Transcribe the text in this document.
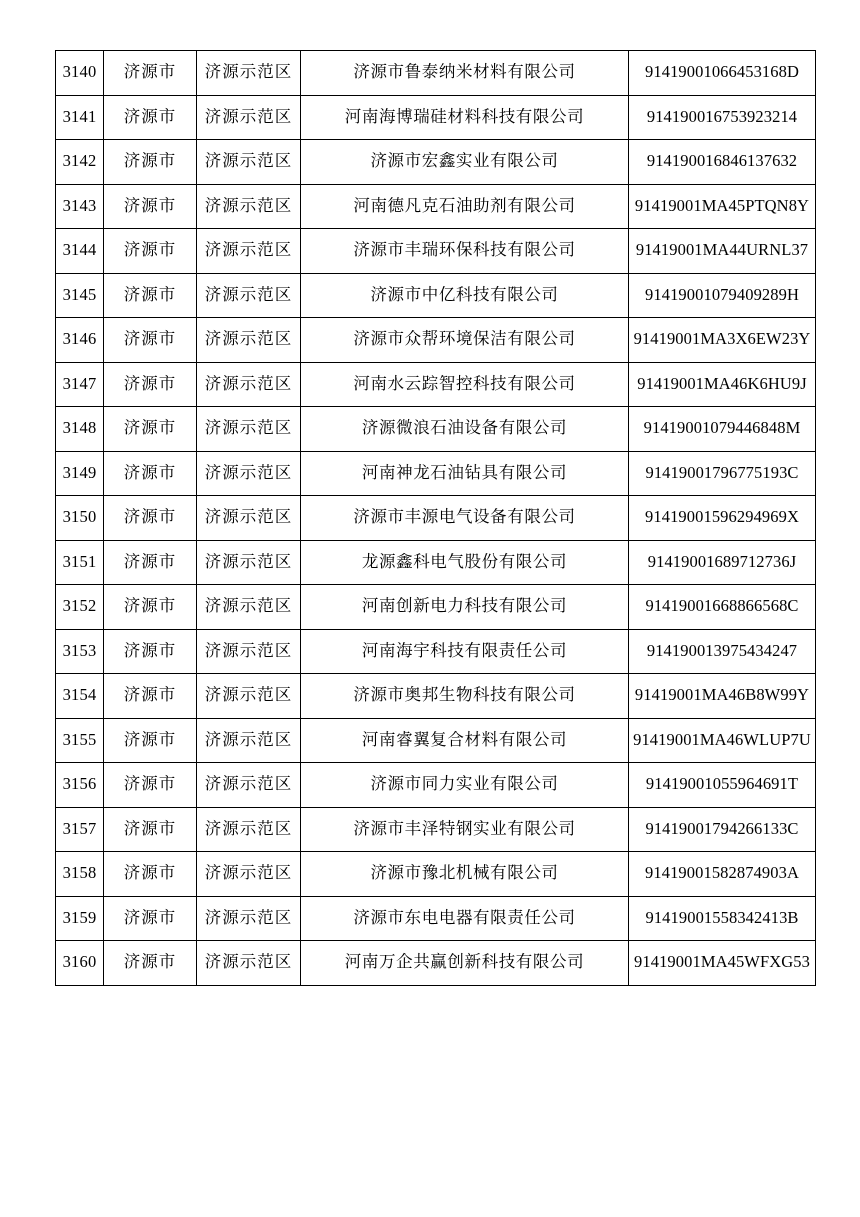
3140	济源市	济源示范区	济源市鲁泰纳米材料有限公司	91419001066453168D
3141	济源市	济源示范区	河南海博瑞硅材料科技有限公司	914190016753923214
3142	济源市	济源示范区	济源市宏鑫实业有限公司	914190016846137632
3143	济源市	济源示范区	河南德凡克石油助剂有限公司	91419001MA45PTQN8Y
3144	济源市	济源示范区	济源市丰瑞环保科技有限公司	91419001MA44URNL37
3145	济源市	济源示范区	济源市中亿科技有限公司	91419001079409289H
3146	济源市	济源示范区	济源市众帮环境保洁有限公司	91419001MA3X6EW23Y
3147	济源市	济源示范区	河南水云踪智控科技有限公司	91419001MA46K6HU9J
3148	济源市	济源示范区	济源微浪石油设备有限公司	91419001079446848M
3149	济源市	济源示范区	河南神龙石油钻具有限公司	91419001796775193C
3150	济源市	济源示范区	济源市丰源电气设备有限公司	91419001596294969X
3151	济源市	济源示范区	龙源鑫科电气股份有限公司	91419001689712736J
3152	济源市	济源示范区	河南创新电力科技有限公司	91419001668866568C
3153	济源市	济源示范区	河南海宇科技有限责任公司	914190013975434247
3154	济源市	济源示范区	济源市奥邦生物科技有限公司	91419001MA46B8W99Y
3155	济源市	济源示范区	河南睿翼复合材料有限公司	91419001MA46WLUP7U
3156	济源市	济源示范区	济源市同力实业有限公司	91419001055964691T
3157	济源市	济源示范区	济源市丰泽特钢实业有限公司	91419001794266133C
3158	济源市	济源示范区	济源市豫北机械有限公司	91419001582874903A
3159	济源市	济源示范区	济源市东电电器有限责任公司	91419001558342413B
3160	济源市	济源示范区	河南万企共赢创新科技有限公司	91419001MA45WFXG53
